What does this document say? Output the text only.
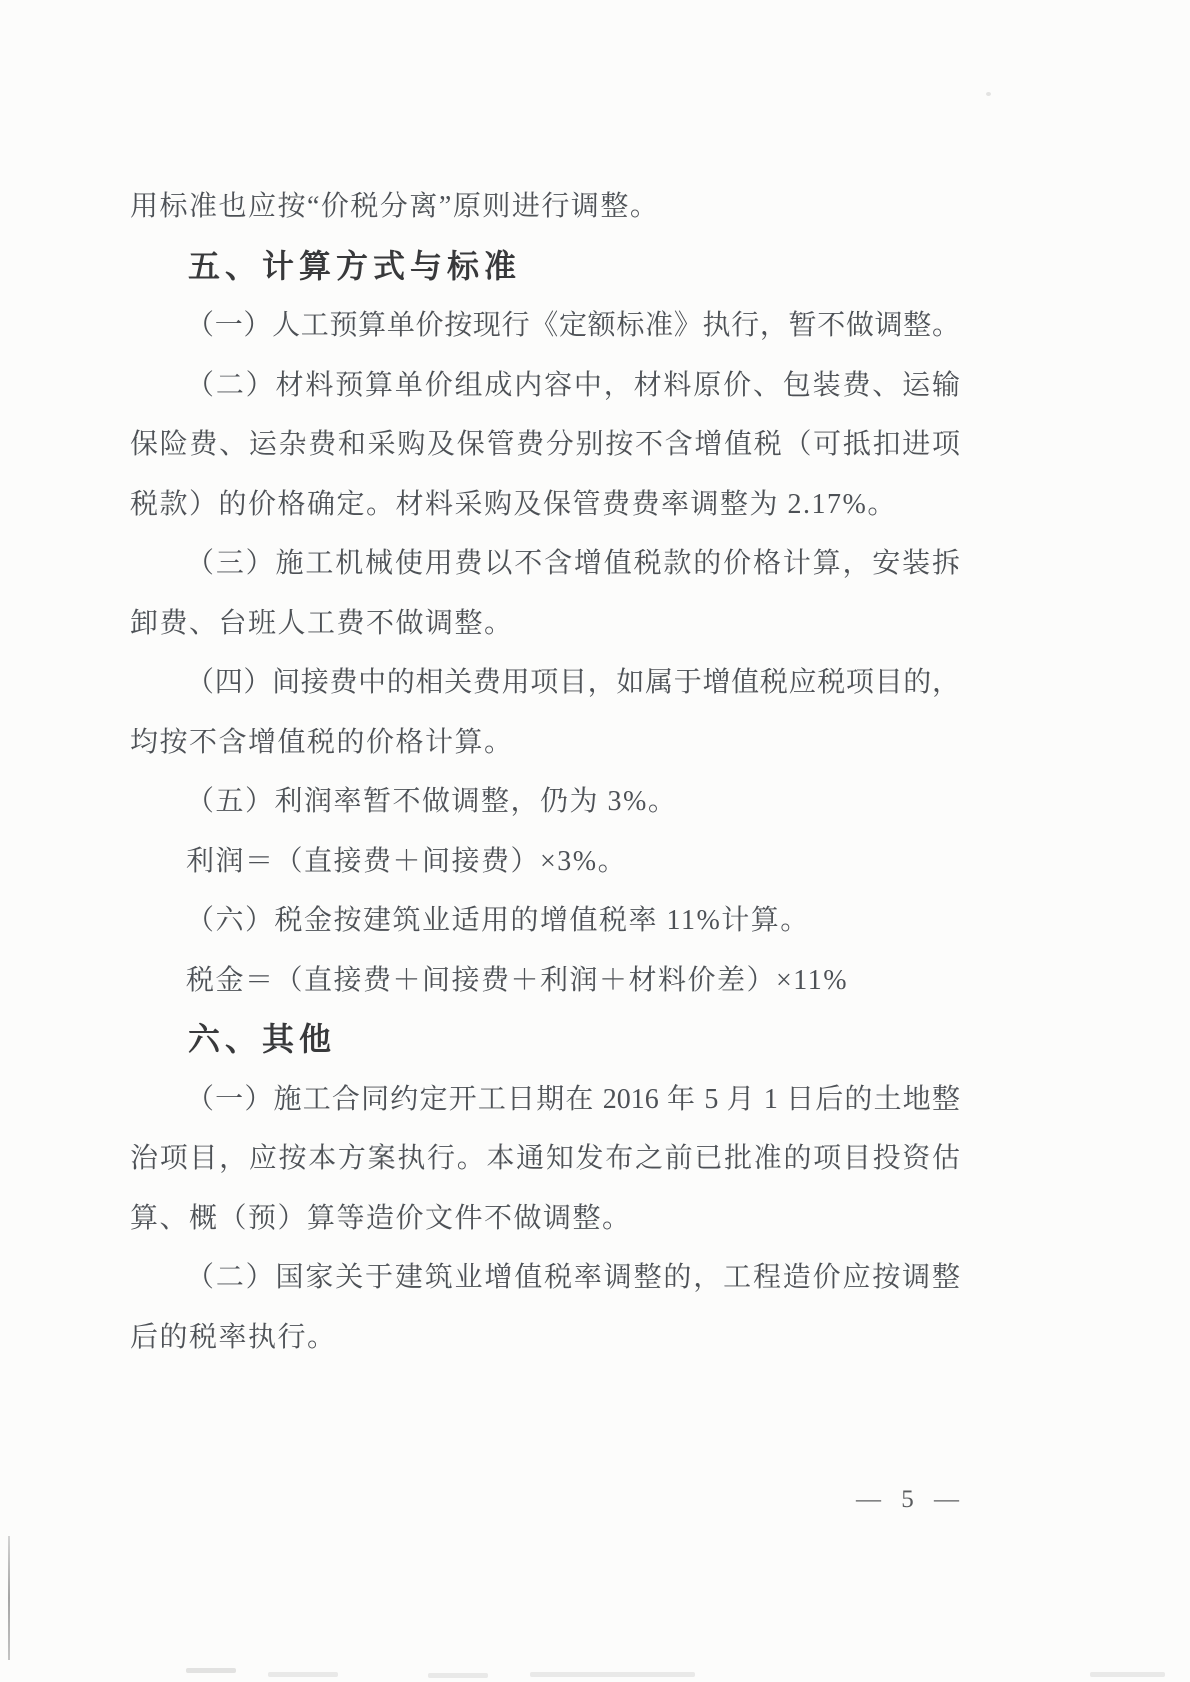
用标准也应按“价税分离”原则进行调整。
五、计算方式与标准
（一）人工预算单价按现行《定额标准》执行，暂不做调整。
（二）材料预算单价组成内容中，材料原价、包装费、运输
保险费、运杂费和采购及保管费分别按不含增值税（可抵扣进项
税款）的价格确定。材料采购及保管费费率调整为 2.17%。
（三）施工机械使用费以不含增值税款的价格计算，安装拆
卸费、台班人工费不做调整。
（四）间接费中的相关费用项目，如属于增值税应税项目的，
均按不含增值税的价格计算。
（五）利润率暂不做调整，仍为 3%。
利润＝（直接费＋间接费）×3%。
（六）税金按建筑业适用的增值税率 11%计算。
税金＝（直接费＋间接费＋利润＋材料价差）×11%
六、其他
（一）施工合同约定开工日期在 2016 年 5 月 1 日后的土地整
治项目，应按本方案执行。本通知发布之前已批准的项目投资估
算、概（预）算等造价文件不做调整。
（二）国家关于建筑业增值税率调整的，工程造价应按调整
后的税率执行。
— 5 —
